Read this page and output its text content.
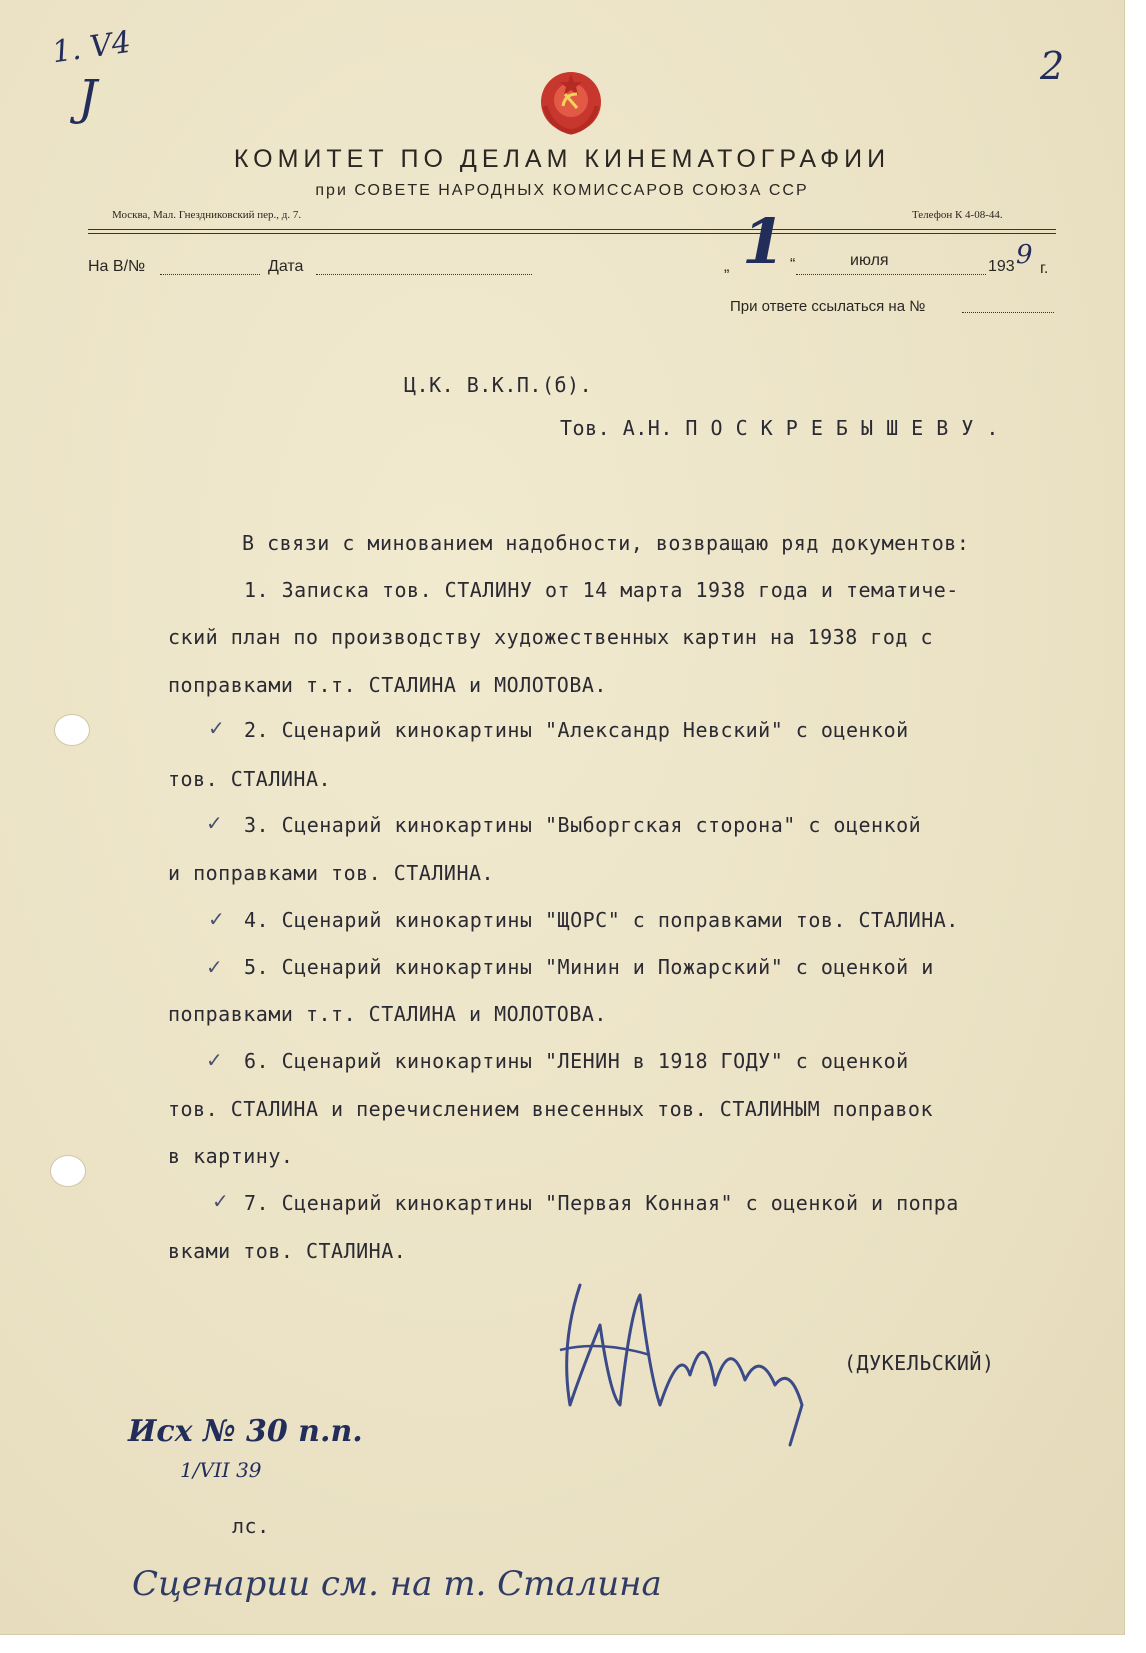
КОМИТЕТ ПО ДЕЛАМ КИНЕМАТОГРАФИИ
при СОВЕТЕ НАРОДНЫХ КОМИССАРОВ СОЮЗА ССР
Москва, Мал. Гнездниковский пер., д. 7.	Телефон К 4-08-44.
1. V4
J
2
На В/№	Дата	„ 1 “	июля	193 9 г.
При ответе ссылаться на №
Ц.К. В.К.П.(б).
Тов. А.Н. П О С К Р Е Б Ы Ш Е В У .
В связи с минованием надобности, возвращаю ряд документов:
1. Записка тов. СТАЛИНУ от 14 марта 1938 года и тематиче-
ский план по производству художественных картин на 1938 год с
поправками т.т. СТАЛИНА и МОЛОТОВА.
✓ 2. Сценарий кинокартины "Александр Невский" с оценкой
тов. СТАЛИНА.
✓ 3. Сценарий кинокартины "Выборгская сторона" с оценкой
и поправками тов. СТАЛИНА.
✓ 4. Сценарий кинокартины "ЩОРС" с поправками тов. СТАЛИНА.
✓ 5. Сценарий кинокартины "Минин и Пожарский" с оценкой и
поправками т.т. СТАЛИНА и МОЛОТОВА.
✓ 6. Сценарий кинокартины "ЛЕНИН в 1918 ГОДУ" с оценкой
тов. СТАЛИНА и перечислением внесенных тов. СТАЛИНЫМ поправок
в картину.
✓ 7. Сценарий кинокартины "Первая Конная" с оценкой и попра
вками тов. СТАЛИНА.
(ДУКЕЛЬСКИЙ)
Исх № 30 п.п.
1/VII 39
лс.
Сценарии см. на т. Сталина
